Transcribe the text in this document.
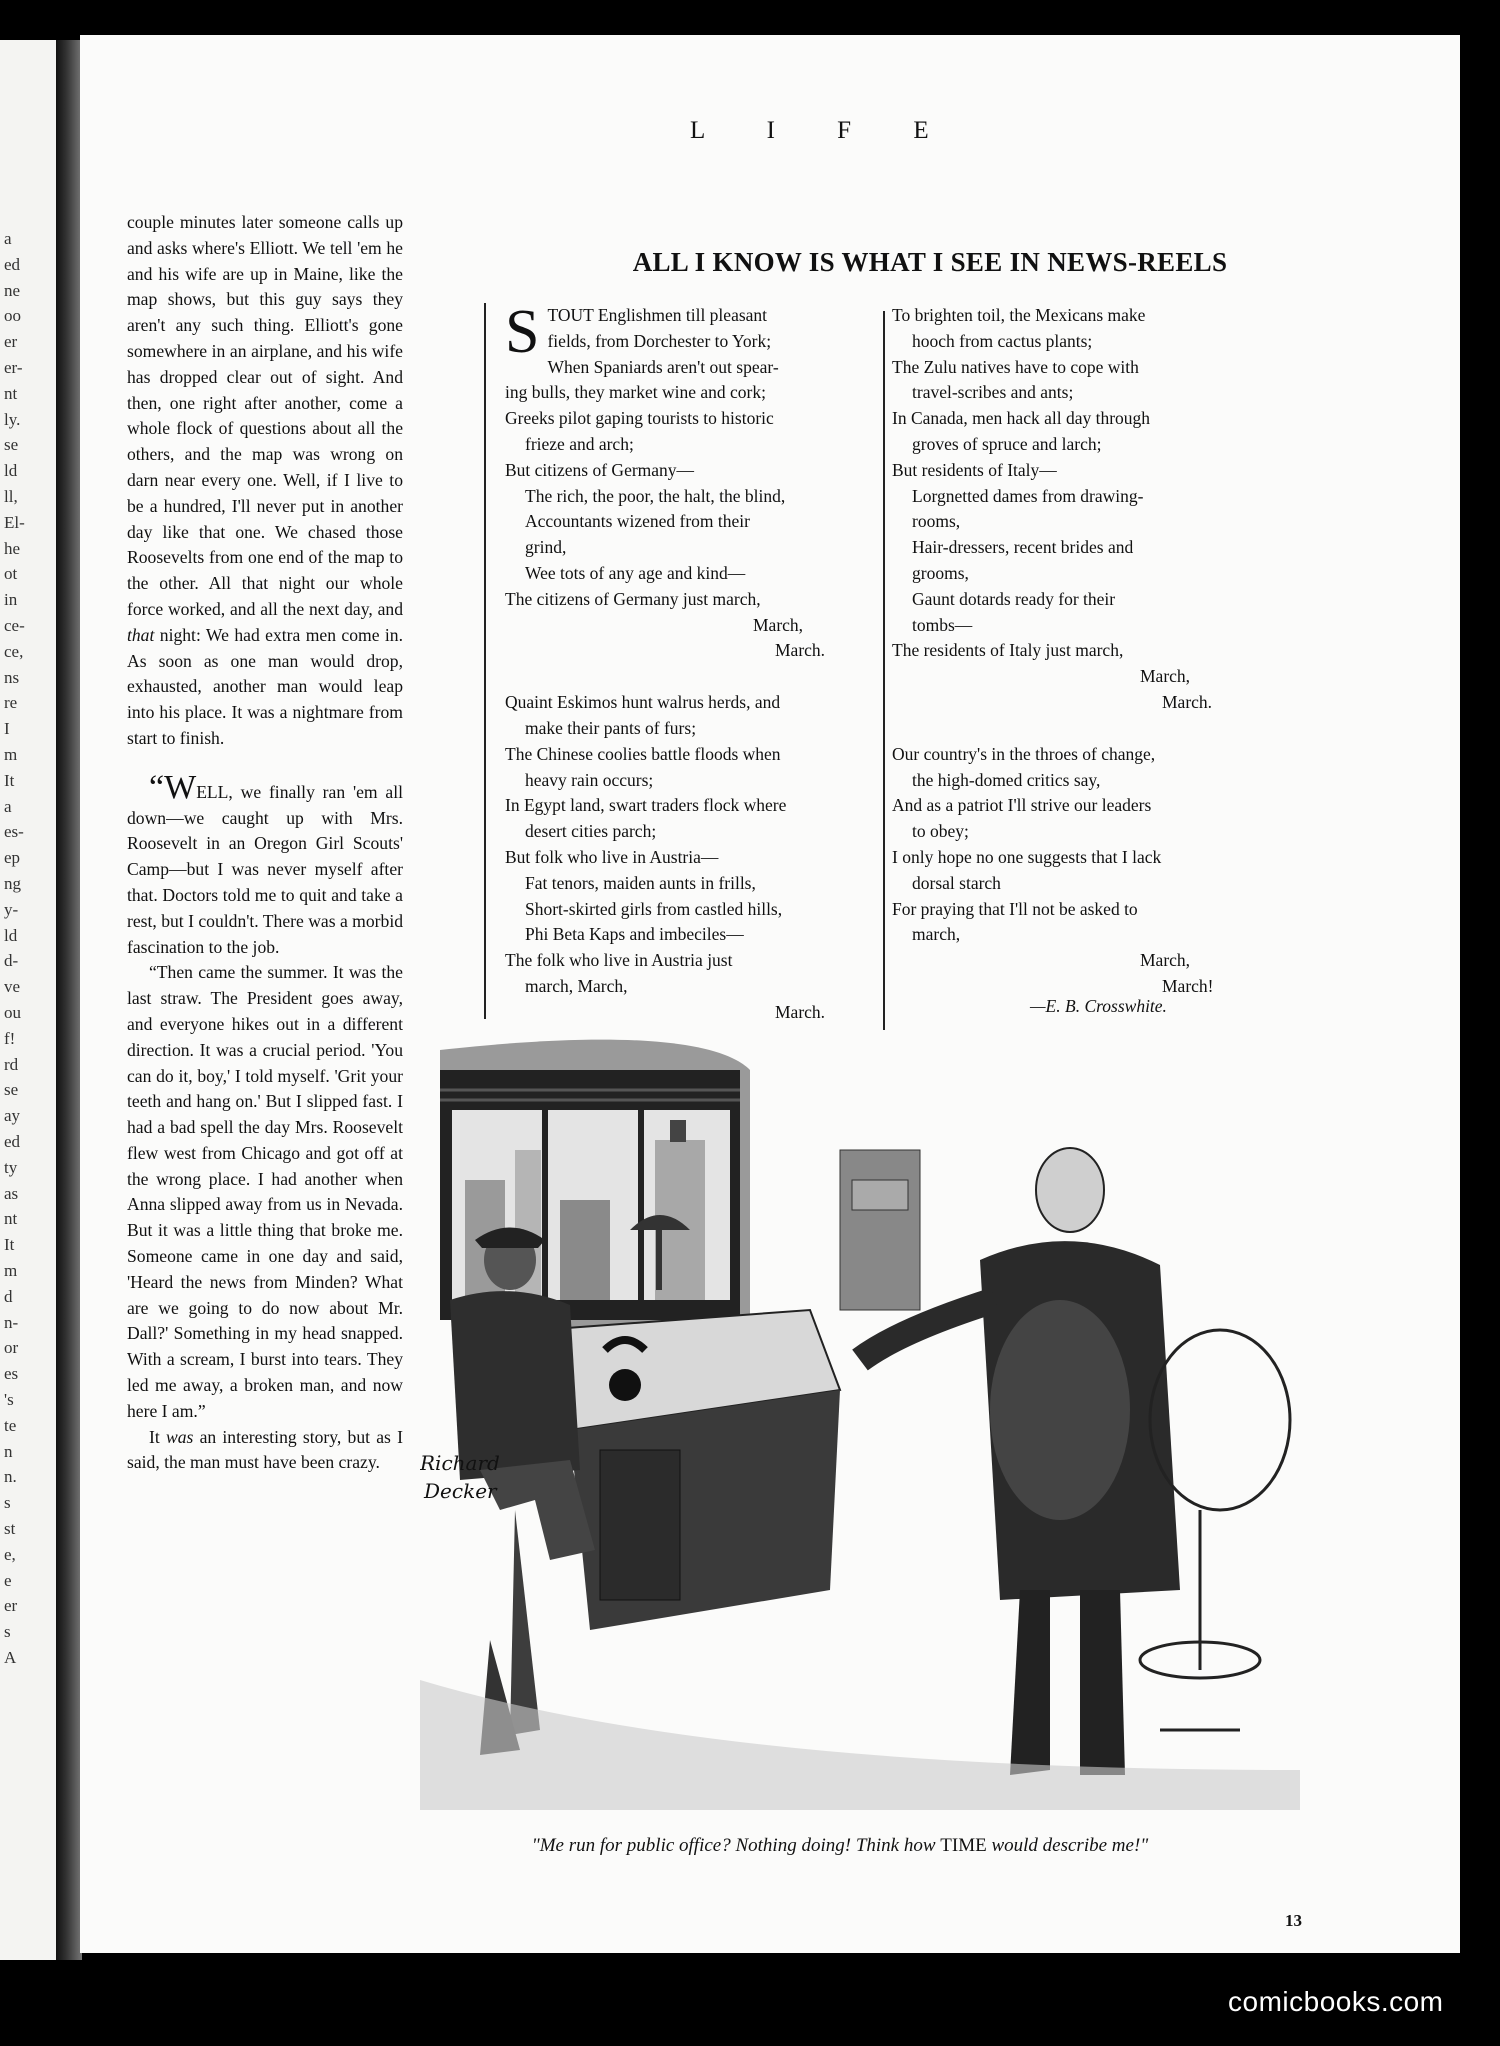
a
ed
ne
oo
er
er-
nt
ly.
se
ld
ll,
El-
he
ot
in
ce-
ce,
ns
re
I
m
It
a
es-
ep
ng
y-
ld
d-
ve
ou
f!
rd
se
ay
ed
ty
as
nt
It
m
d
n-
or
es
's
te
n
n.
s
st
e,
e
er
s
A
L I F E

couple minutes later someone calls up and asks where's Elliott. We tell 'em he and his wife are up in Maine, like the map shows, but this guy says they aren't any such thing. Elliott's gone somewhere in an airplane, and his wife has dropped clear out of sight. And then, one right after another, come a whole flock of questions about all the others, and the map was wrong on darn near every one. Well, if I live to be a hundred, I'll never put in another day like that one. We chased those Roosevelts from one end of the map to the other. All that night our whole force worked, and all the next day, and that night: We had extra men come in. As soon as one man would drop, exhausted, another man would leap into his place. It was a nightmare from start to finish.

“WELL, we finally ran 'em all down—we caught up with Mrs. Roosevelt in an Oregon Girl Scouts' Camp—but I was never myself after that. Doctors told me to quit and take a rest, but I couldn't. There was a morbid fascination to the job.

“Then came the summer. It was the last straw. The President goes away, and everyone hikes out in a different direction. It was a crucial period. 'You can do it, boy,' I told myself. 'Grit your teeth and hang on.' But I slipped fast. I had a bad spell the day Mrs. Roosevelt flew west from Chicago and got off at the wrong place. I had another when Anna slipped away from us in Nevada. But it was a little thing that broke me. Someone came in one day and said, 'Heard the news from Minden? What are we going to do now about Mr. Dall?' Something in my head snapped. With a scream, I burst into tears. They led me away, a broken man, and now here I am.”

It was an interesting story, but as I said, the man must have been crazy.

ALL I KNOW IS WHAT I SEE IN NEWS-REELS
S TOUT Englishmen till pleasant
fields, from Dorchester to York;
When Spaniards aren't out spear-
ing bulls, they market wine and cork;
Greeks pilot gaping tourists to historic
frieze and arch;
But citizens of Germany—
The rich, the poor, the halt, the blind,
Accountants wizened from their
grind,
Wee tots of any age and kind—
The citizens of Germany just march,
March,
March.
Quaint Eskimos hunt walrus herds, and
make their pants of furs;
The Chinese coolies battle floods when
heavy rain occurs;
In Egypt land, swart traders flock where
desert cities parch;
But folk who live in Austria—
Fat tenors, maiden aunts in frills,
Short-skirted girls from castled hills,
Phi Beta Kaps and imbeciles—
The folk who live in Austria just
march, March,
March.
To brighten toil, the Mexicans make
hooch from cactus plants;
The Zulu natives have to cope with
travel-scribes and ants;
In Canada, men hack all day through
groves of spruce and larch;
But residents of Italy—
Lorgnetted dames from drawing-
rooms,
Hair-dressers, recent brides and
grooms,
Gaunt dotards ready for their
tombs—
The residents of Italy just march,
March,
March.
Our country's in the throes of change,
the high-domed critics say,
And as a patriot I'll strive our leaders
to obey;
I only hope no one suggests that I lack
dorsal starch
For praying that I'll not be asked to
march,
March,
March!
—E. B. Crosswhite.
Richard
Decker
"Me run for public office? Nothing doing! Think how TIME would describe me!"
13
comicbooks.com
